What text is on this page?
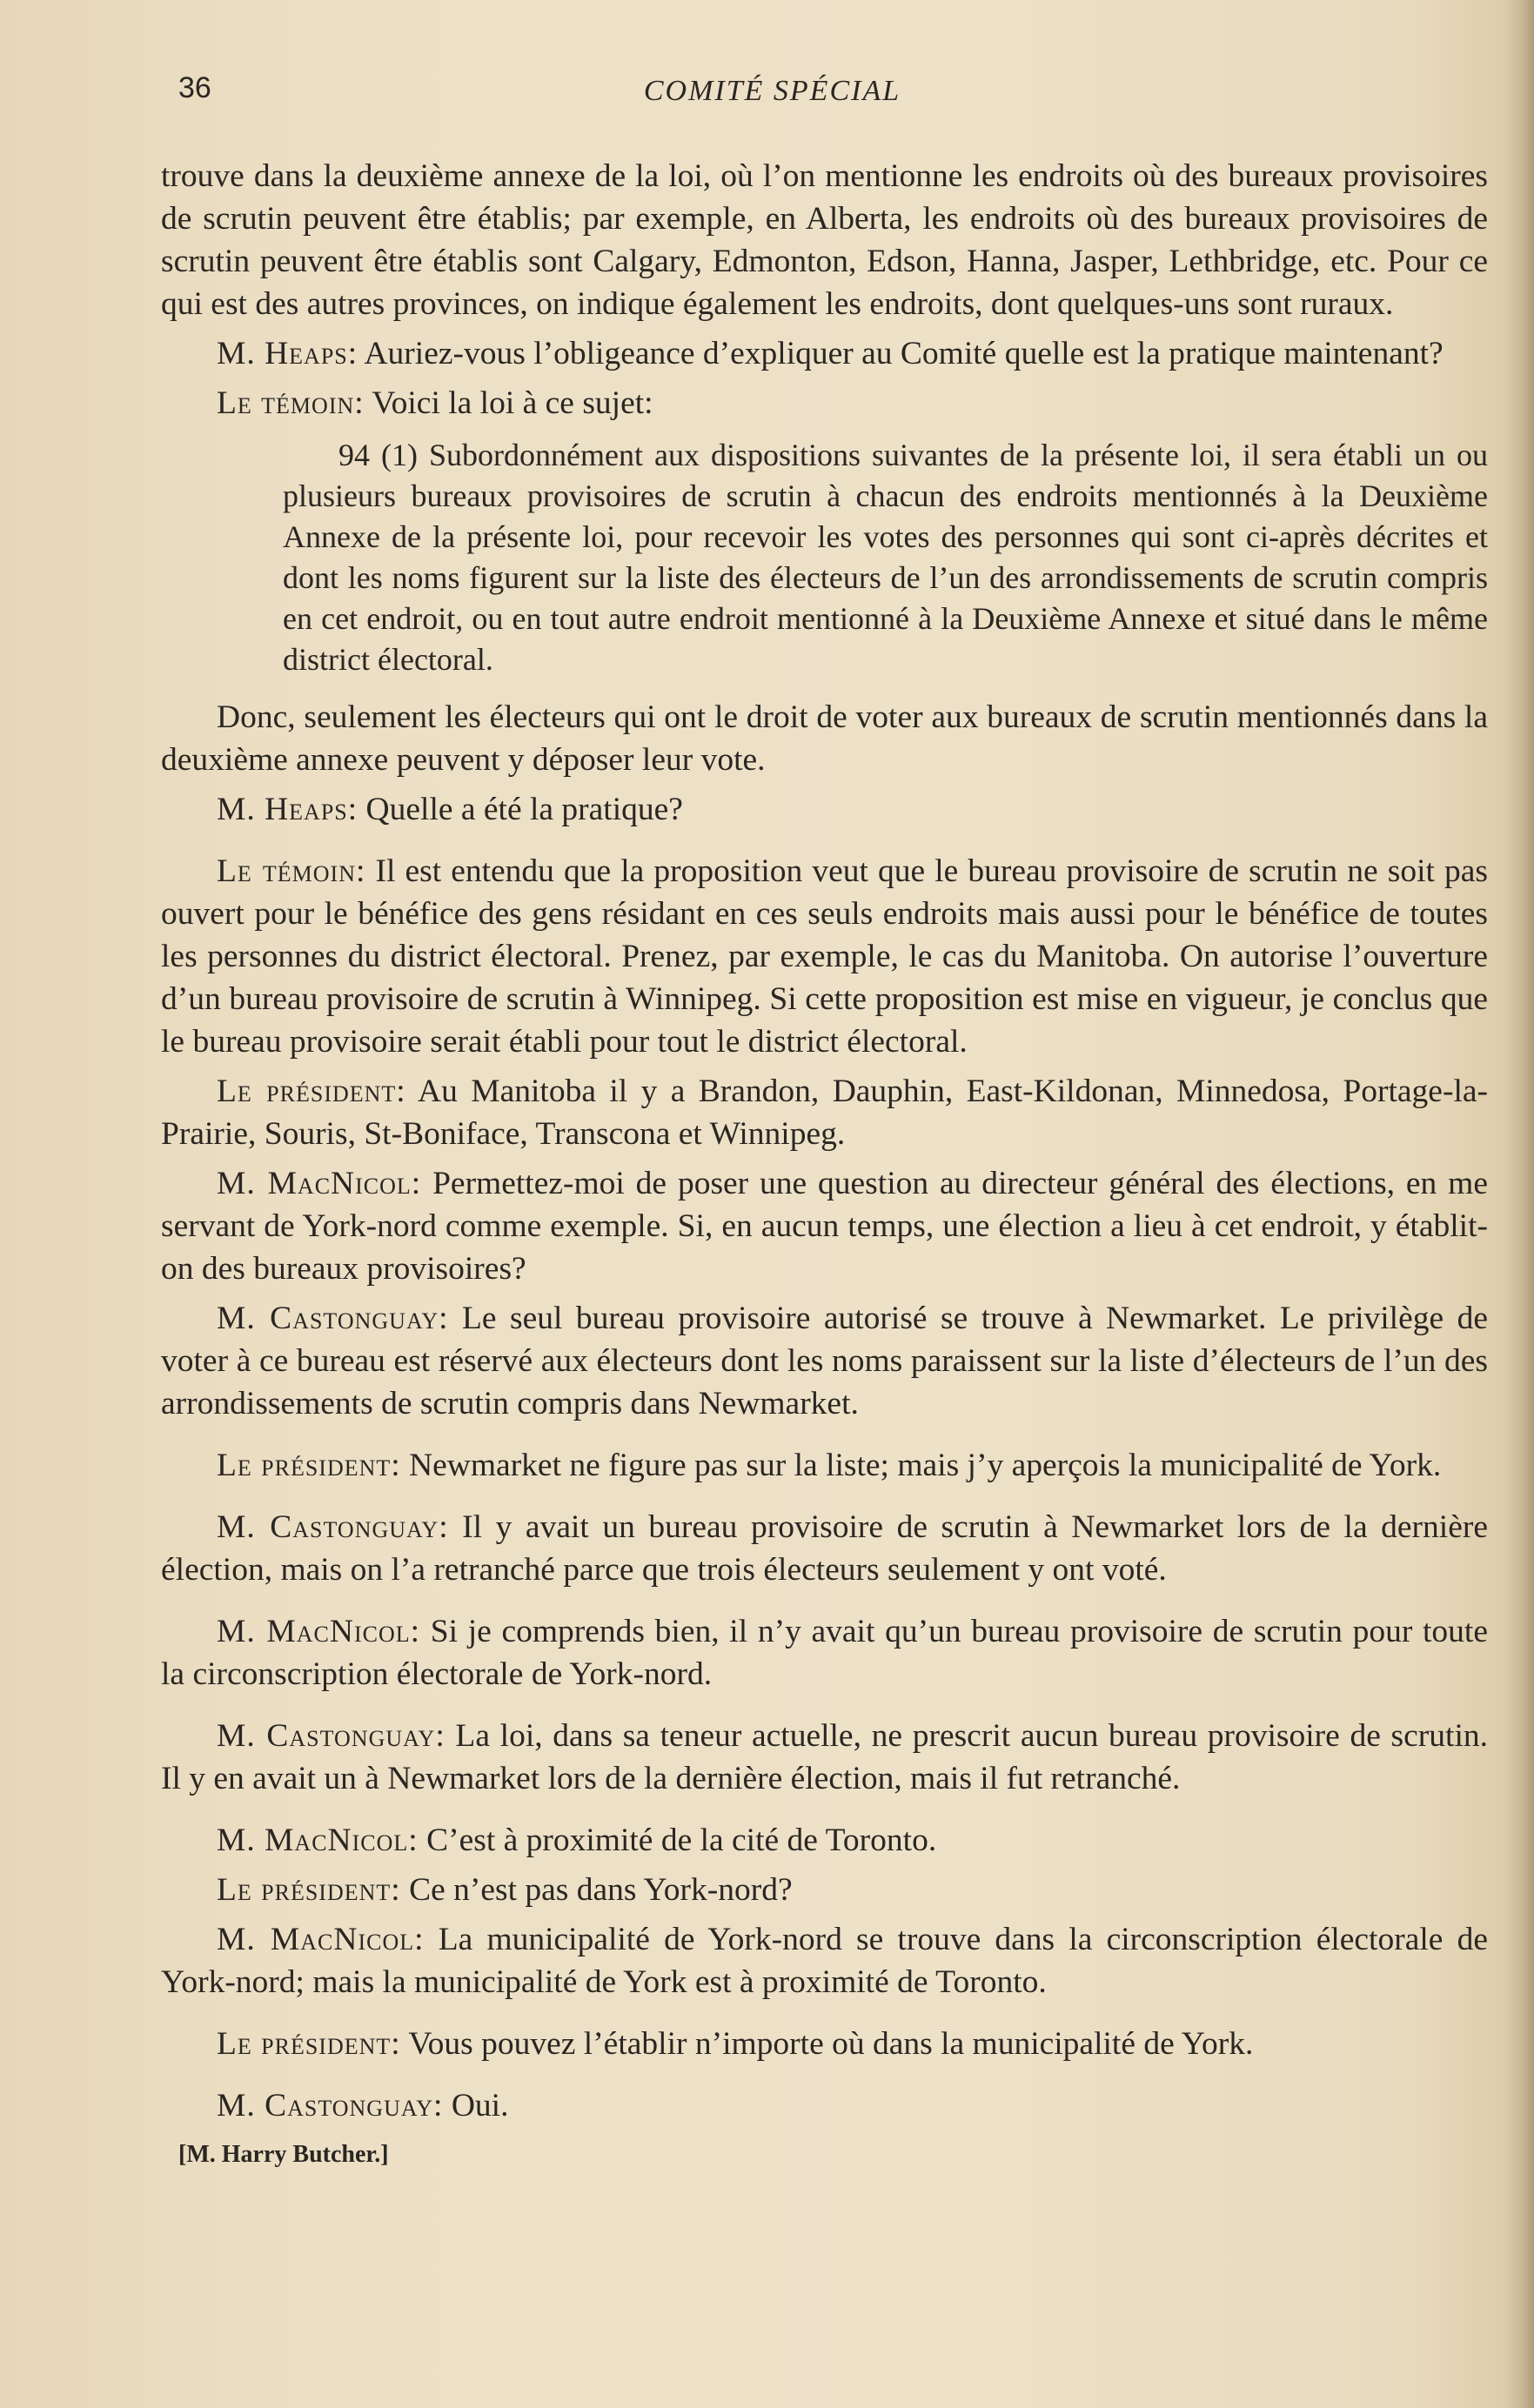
36	COMITÉ SPÉCIAL

trouve dans la deuxième annexe de la loi, où l’on mentionne les endroits où des bureaux provisoires de scrutin peuvent être établis; par exemple, en Alberta, les endroits où des bureaux provisoires de scrutin peuvent être établis sont Calgary, Edmonton, Edson, Hanna, Jasper, Lethbridge, etc. Pour ce qui est des autres provinces, on indique également les endroits, dont quelques-uns sont ruraux.

M. Heaps: Auriez-vous l’obligeance d’expliquer au Comité quelle est la pratique maintenant?

Le témoin: Voici la loi à ce sujet:

94 (1) Subordonnément aux dispositions suivantes de la présente loi, il sera établi un ou plusieurs bureaux provisoires de scrutin à chacun des endroits mentionnés à la Deuxième Annexe de la présente loi, pour recevoir les votes des personnes qui sont ci-après décrites et dont les noms figurent sur la liste des électeurs de l’un des arrondissements de scrutin compris en cet endroit, ou en tout autre endroit mentionné à la Deuxième Annexe et situé dans le même district électoral.

Donc, seulement les électeurs qui ont le droit de voter aux bureaux de scrutin mentionnés dans la deuxième annexe peuvent y déposer leur vote.

M. Heaps: Quelle a été la pratique?

Le témoin: Il est entendu que la proposition veut que le bureau provisoire de scrutin ne soit pas ouvert pour le bénéfice des gens résidant en ces seuls endroits mais aussi pour le bénéfice de toutes les personnes du district électoral. Prenez, par exemple, le cas du Manitoba. On autorise l’ouverture d’un bureau provisoire de scrutin à Winnipeg. Si cette proposition est mise en vigueur, je conclus que le bureau provisoire serait établi pour tout le district électoral.

Le président: Au Manitoba il y a Brandon, Dauphin, East-Kildonan, Minnedosa, Portage-la-Prairie, Souris, St-Boniface, Transcona et Winnipeg.

M. MacNicol: Permettez-moi de poser une question au directeur général des élections, en me servant de York-nord comme exemple. Si, en aucun temps, une élection a lieu à cet endroit, y établit-on des bureaux provisoires?

M. Castonguay: Le seul bureau provisoire autorisé se trouve à Newmarket. Le privilège de voter à ce bureau est réservé aux électeurs dont les noms paraissent sur la liste d’électeurs de l’un des arrondissements de scrutin compris dans Newmarket.

Le président: Newmarket ne figure pas sur la liste; mais j’y aperçois la municipalité de York.

M. Castonguay: Il y avait un bureau provisoire de scrutin à Newmarket lors de la dernière élection, mais on l’a retranché parce que trois électeurs seulement y ont voté.

M. MacNicol: Si je comprends bien, il n’y avait qu’un bureau provisoire de scrutin pour toute la circonscription électorale de York-nord.

M. Castonguay: La loi, dans sa teneur actuelle, ne prescrit aucun bureau provisoire de scrutin. Il y en avait un à Newmarket lors de la dernière élection, mais il fut retranché.

M. MacNicol: C’est à proximité de la cité de Toronto.

Le président: Ce n’est pas dans York-nord?

M. MacNicol: La municipalité de York-nord se trouve dans la circonscription électorale de York-nord; mais la municipalité de York est à proximité de Toronto.

Le président: Vous pouvez l’établir n’importe où dans la municipalité de York.

M. Castonguay: Oui.

[M. Harry Butcher.]
